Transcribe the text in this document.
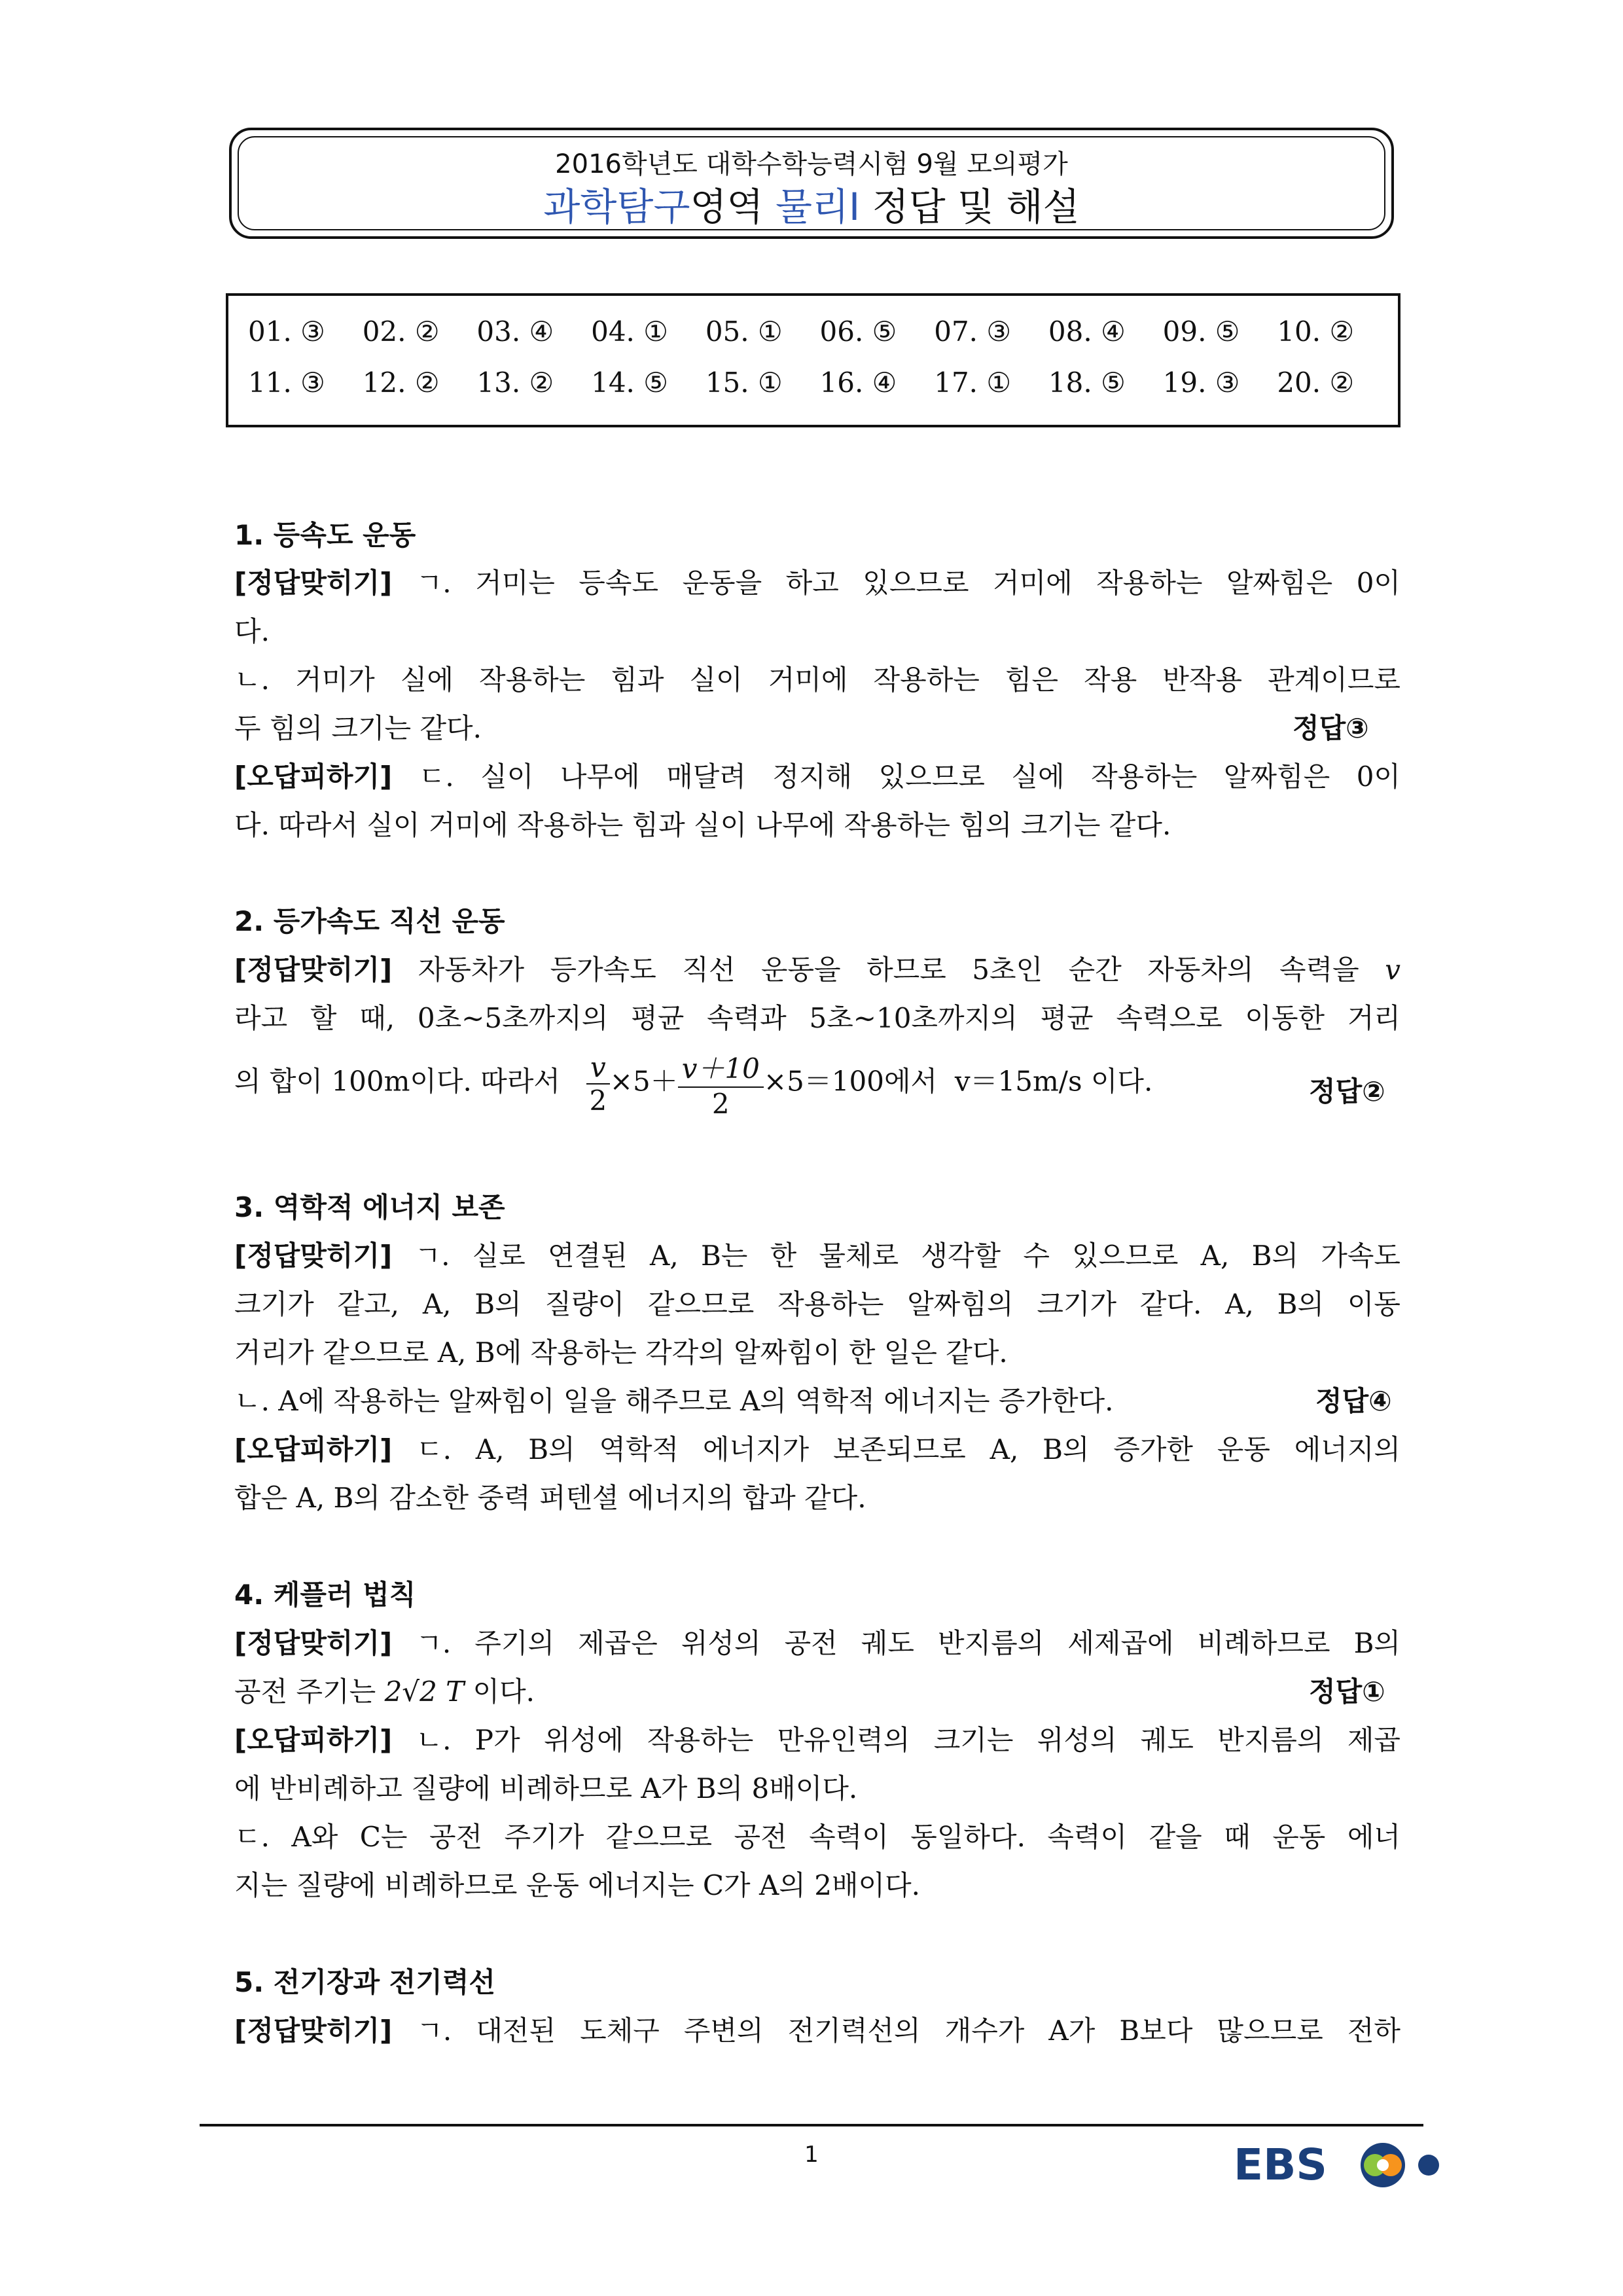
2016학년도 대학수학능력시험 9월 모의평가
과학탐구영역 물리Ⅰ 정답 및 해설
01. ③	02. ②	03. ④	04. ①	05. ①	06. ⑤	07. ③	08. ④	09. ⑤	10. ②
11. ③	12. ②	13. ②	14. ⑤	15. ①	16. ④	17. ①	18. ⑤	19. ③	20. ②
1. 등속도 운동
[정답맞히기] ㄱ. 거미는 등속도 운동을 하고 있으므로 거미에 작용하는 알짜힘은 0이
다.
ㄴ. 거미가 실에 작용하는 힘과 실이 거미에 작용하는 힘은 작용 반작용 관계이므로
두 힘의 크기는 같다.	정답③
[오답피하기] ㄷ. 실이 나무에 매달려 정지해 있으므로 실에 작용하는 알짜힘은 0이
다. 따라서 실이 거미에 작용하는 힘과 실이 나무에 작용하는 힘의 크기는 같다.
2. 등가속도 직선 운동
[정답맞히기] 자동차가 등가속도 직선 운동을 하므로 5초인 순간 자동차의 속력을 v
라고 할 때, 0초~5초까지의 평균 속력과 5초~10초까지의 평균 속력으로 이동한 거리
의 합이 100m이다. 따라서 $\frac{v}{2} \times 5+ \frac{v+10}{2} \times 5=100$에서 v＝15m/s 이다.	정답②
3. 역학적 에너지 보존
[정답맞히기] ㄱ. 실로 연결된 A, B는 한 물체로 생각할 수 있으므로 A, B의 가속도
크기가 같고, A, B의 질량이 같으므로 작용하는 알짜힘의 크기가 같다. A, B의 이동
거리가 같으므로 A, B에 작용하는 각각의 알짜힘이 한 일은 같다.
ㄴ. A에 작용하는 알짜힘이 일을 해주므로 A의 역학적 에너지는 증가한다.	정답④
[오답피하기] ㄷ. A, B의 역학적 에너지가 보존되므로 A, B의 증가한 운동 에너지의
합은 A, B의 감소한 중력 퍼텐셜 에너지의 합과 같다.
4. 케플러 법칙
[정답맞히기] ㄱ. 주기의 제곱은 위성의 공전 궤도 반지름의 세제곱에 비례하므로 B의
공전 주기는 2√2 T 이다.	정답①
[오답피하기] ㄴ. P가 위성에 작용하는 만유인력의 크기는 위성의 궤도 반지름의 제곱
에 반비례하고 질량에 비례하므로 A가 B의 8배이다.
ㄷ. A와 C는 공전 주기가 같으므로 공전 속력이 동일하다. 속력이 같을 때 운동 에너
지는 질량에 비례하므로 운동 에너지는 C가 A의 2배이다.
5. 전기장과 전기력선
[정답맞히기] ㄱ. 대전된 도체구 주변의 전기력선의 개수가 A가 B보다 많으므로 전하
1	EBS
